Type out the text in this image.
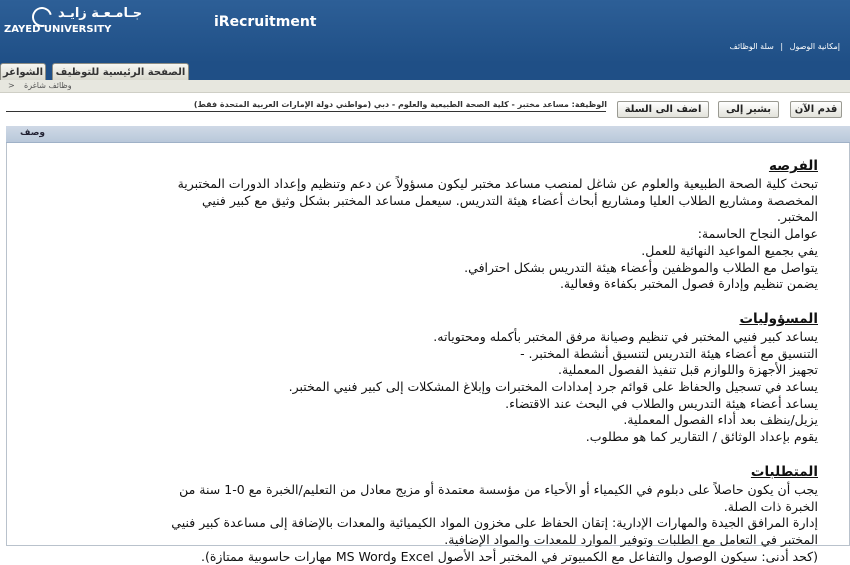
جـامـعـة زايـد
ZAYED UNIVERSITY	iRecruitment
إمكانية الوصول | سلة الوظائف
الشواغر	الصفحة الرئيسية للتوظيف
> وظائف شاغرة
قدم الآن
بشير إلى
اضف الى السلة
الوظيفة: مساعد مختبر - كلية الصحة الطبيعية والعلوم - دبي (مواطني دولة الإمارات العربية المتحدة فقط)
وصف
الفرصه

تبحث كلية الصحة الطبيعية والعلوم عن شاغل لمنصب مساعد مختبر ليكون مسؤولاً عن دعم وتنظيم وإعداد الدورات المختبرية

المخصصة ومشاريع الطلاب العليا ومشاريع أبحاث أعضاء هيئة التدريس. سيعمل مساعد المختبر بشكل وثيق مع كبير فنيي

المختبر.

عوامل النجاح الحاسمة:

يفي بجميع المواعيد النهائية للعمل.

يتواصل مع الطلاب والموظفين وأعضاء هيئة التدريس بشكل احترافي.

يضمن تنظيم وإدارة فصول المختبر بكفاءة وفعالية.

المسؤوليات

يساعد كبير فنيي المختبر في تنظيم وصيانة مرفق المختبر بأكمله ومحتوياته.

التنسيق مع أعضاء هيئة التدريس لتنسيق أنشطة المختبر. -

تجهيز الأجهزة واللوازم قبل تنفيذ الفصول المعملية.

يساعد في تسجيل والحفاظ على قوائم جرد إمدادات المختبرات وإبلاغ المشكلات إلى كبير فنيي المختبر.

يساعد أعضاء هيئة التدريس والطلاب في البحث عند الاقتضاء.

يزيل/ينظف بعد أداء الفصول المعملية.

يقوم بإعداد الوثائق / التقارير كما هو مطلوب.

المتطلبات

يجب أن يكون حاصلاً على دبلوم في الكيمياء أو الأحياء من مؤسسة معتمدة أو مزيج معادل من التعليم/الخبرة مع 0-1 سنة من

الخبرة ذات الصلة.

إدارة المرافق الجيدة والمهارات الإدارية: إتقان الحفاظ على مخزون المواد الكيميائية والمعدات بالإضافة إلى مساعدة كبير فنيي

المختبر في التعامل مع الطلبات وتوفير الموارد للمعدات والمواد الإضافية.

(كحد أدنى: سيكون الوصول والتفاعل مع الكمبيوتر في المختبر أحد الأصول Excel وMS Word مهارات حاسوبية ممتازة).
